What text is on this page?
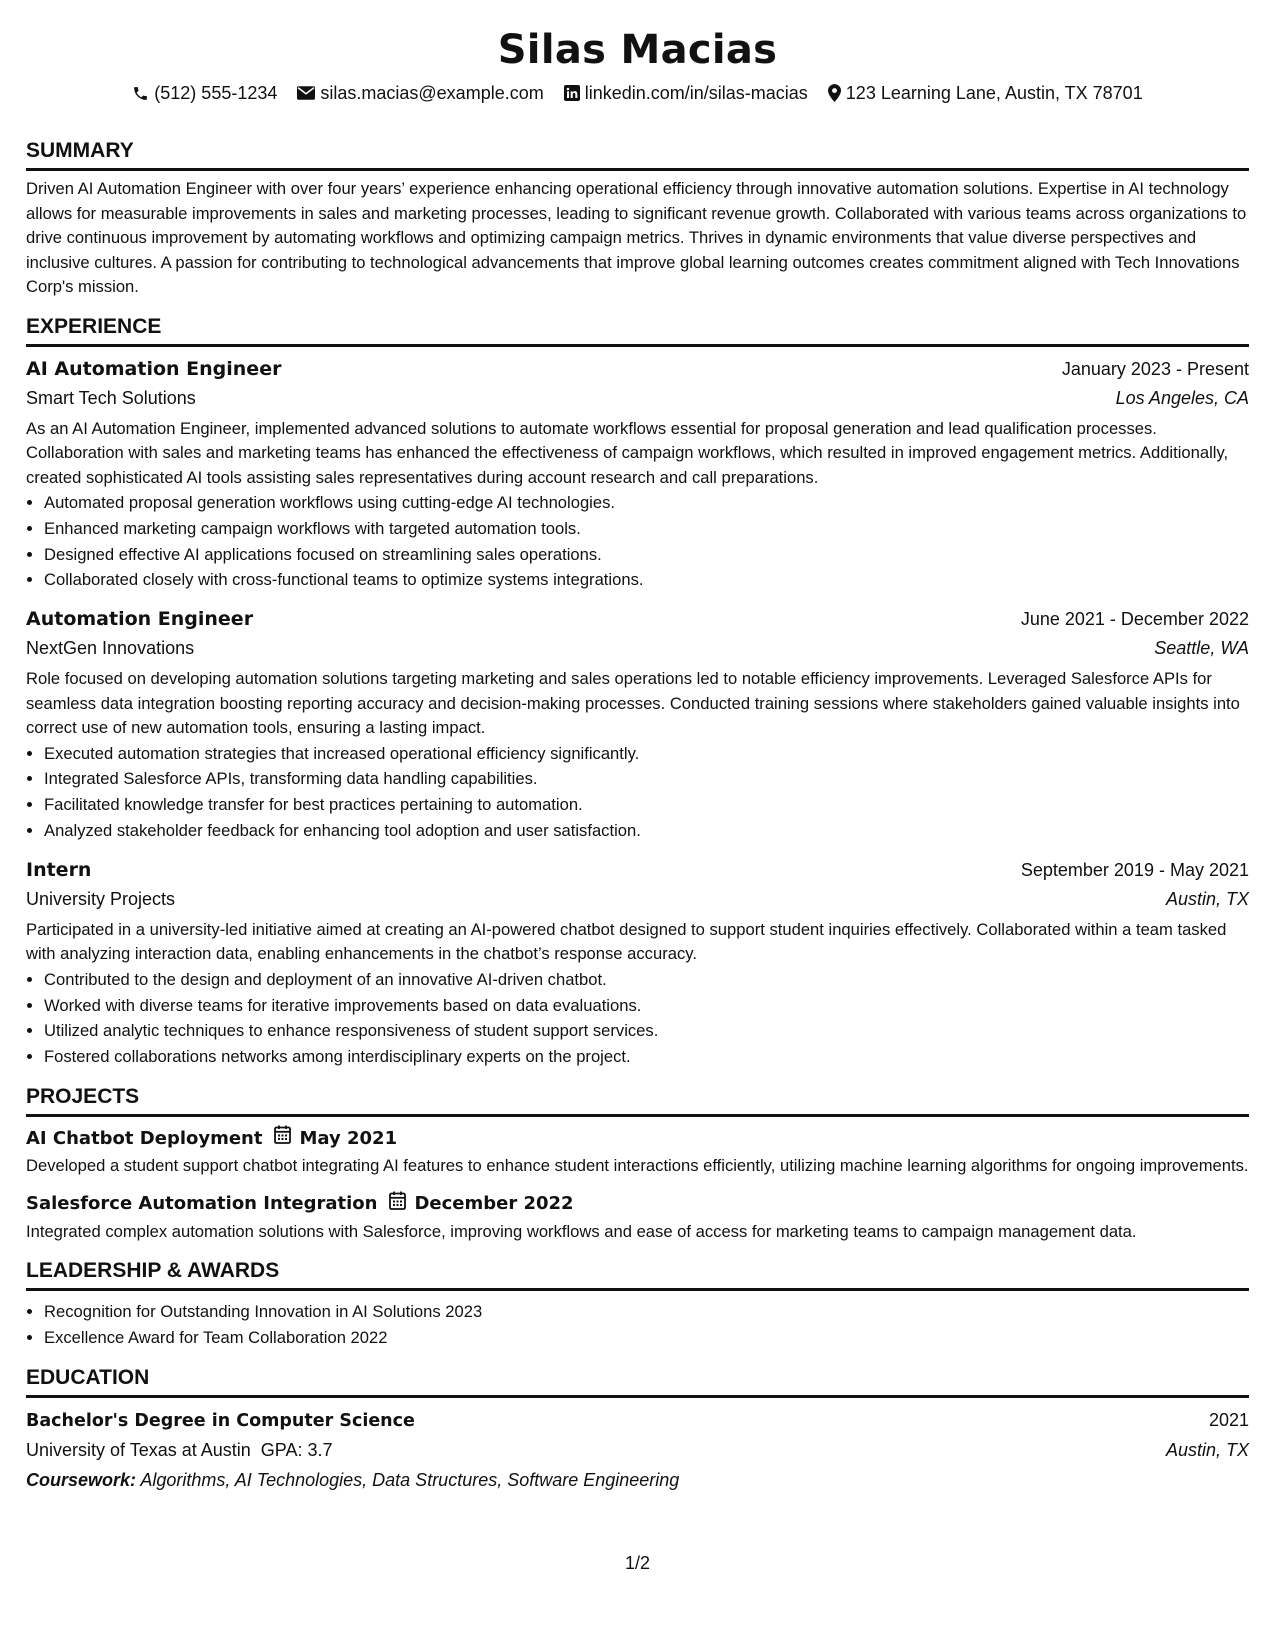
Silas Macias
(512) 555-1234 silas.macias@example.com linkedin.com/in/silas-macias 123 Learning Lane, Austin, TX 78701
SUMMARY

Driven AI Automation Engineer with over four years’ experience enhancing operational efficiency through innovative automation solutions. Expertise in AI technology allows for measurable improvements in sales and marketing processes, leading to significant revenue growth. Collaborated with various teams across organizations to drive continuous improvement by automating workflows and optimizing campaign metrics. Thrives in dynamic environments that value diverse perspectives and inclusive cultures. A passion for contributing to technological advancements that improve global learning outcomes creates commitment aligned with Tech Innovations Corp's mission.

EXPERIENCE
AI Automation Engineer	January 2023 - Present
Smart Tech Solutions	Los Angeles, CA

As an AI Automation Engineer, implemented advanced solutions to automate workflows essential for proposal generation and lead qualification processes. Collaboration with sales and marketing teams has enhanced the effectiveness of campaign workflows, which resulted in improved engagement metrics. Additionally, created sophisticated AI tools assisting sales representatives during account research and call preparations.

• Automated proposal generation workflows using cutting-edge AI technologies.
• Enhanced marketing campaign workflows with targeted automation tools.
• Designed effective AI applications focused on streamlining sales operations.
• Collaborated closely with cross-functional teams to optimize systems integrations.
Automation Engineer	June 2021 - December 2022
NextGen Innovations	Seattle, WA

Role focused on developing automation solutions targeting marketing and sales operations led to notable efficiency improvements. Leveraged Salesforce APIs for seamless data integration boosting reporting accuracy and decision-making processes. Conducted training sessions where stakeholders gained valuable insights into correct use of new automation tools, ensuring a lasting impact.

• Executed automation strategies that increased operational efficiency significantly.
• Integrated Salesforce APIs, transforming data handling capabilities.
• Facilitated knowledge transfer for best practices pertaining to automation.
• Analyzed stakeholder feedback for enhancing tool adoption and user satisfaction.
Intern	September 2019 - May 2021
University Projects	Austin, TX

Participated in a university-led initiative aimed at creating an AI-powered chatbot designed to support student inquiries effectively. Collaborated within a team tasked with analyzing interaction data, enabling enhancements in the chatbot’s response accuracy.

• Contributed to the design and deployment of an innovative AI-driven chatbot.
• Worked with diverse teams for iterative improvements based on data evaluations.
• Utilized analytic techniques to enhance responsiveness of student support services.
• Fostered collaborations networks among interdisciplinary experts on the project.
PROJECTS
AI Chatbot Deployment May 2021

Developed a student support chatbot integrating AI features to enhance student interactions efficiently, utilizing machine learning algorithms for ongoing improvements.

Salesforce Automation Integration December 2022

Integrated complex automation solutions with Salesforce, improving workflows and ease of access for marketing teams to campaign management data.

LEADERSHIP & AWARDS
• Recognition for Outstanding Innovation in AI Solutions 2023
• Excellence Award for Team Collaboration 2022
EDUCATION
Bachelor's Degree in Computer Science	2021
University of Texas at Austin GPA: 3.7	Austin, TX
Coursework: Algorithms, AI Technologies, Data Structures, Software Engineering
1/2
